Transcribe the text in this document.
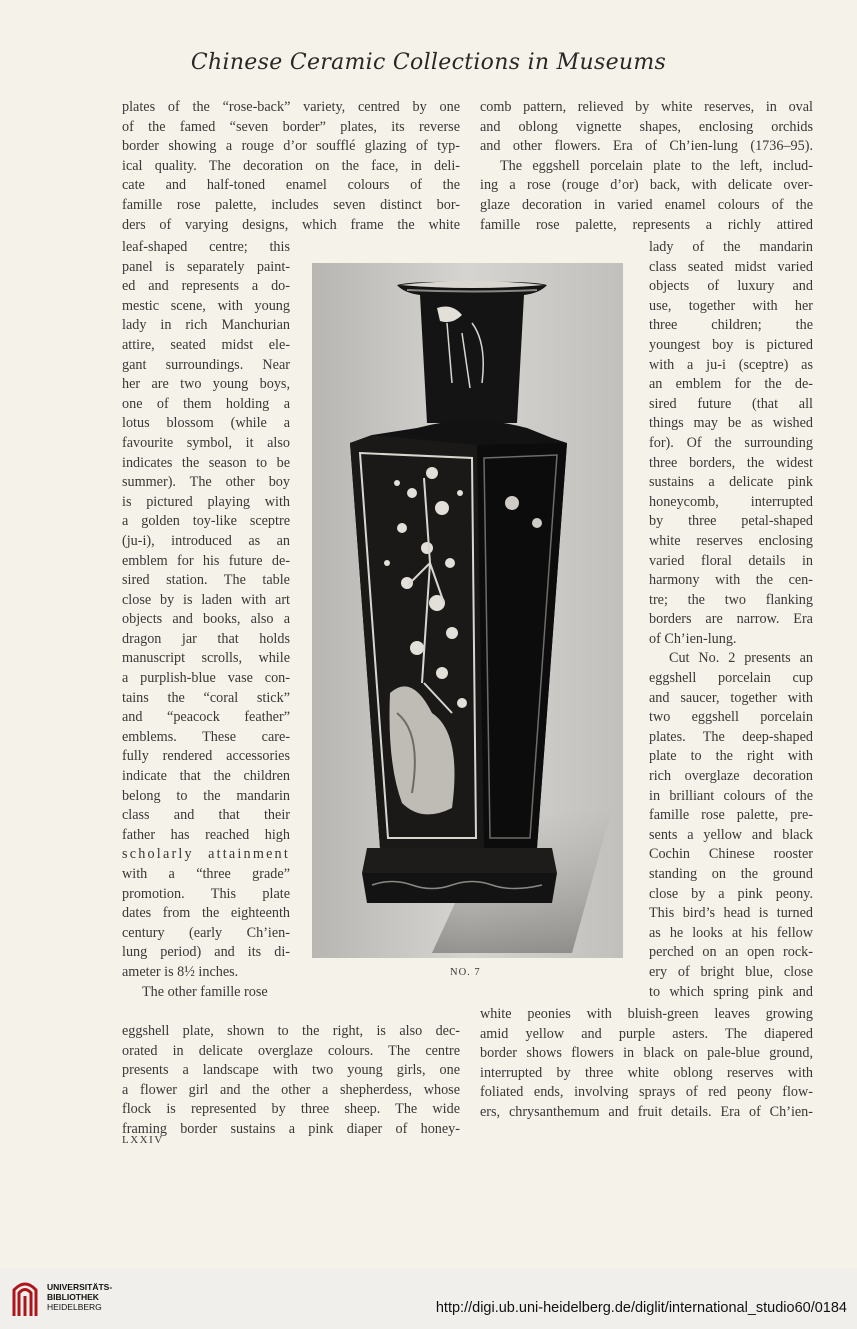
Chinese Ceramic Collections in Museums

plates of the “rose-back” variety, centred by one

of the famed “seven border” plates, its reverse

border showing a rouge d’or soufflé glazing of typ-

ical quality. The decoration on the face, in deli-

cate and half-toned enamel colours of the

famille rose palette, includes seven distinct bor-

ders of varying designs, which frame the white

leaf-shaped centre; this

panel is separately paint-

ed and represents a do-

mestic scene, with young

lady in rich Manchurian

attire, seated midst ele-

gant surroundings. Near

her are two young boys,

one of them holding a

lotus blossom (while a

favourite symbol, it also

indicates the season to be

summer). The other boy

is pictured playing with

a golden toy-like sceptre

(ju-i), introduced as an

emblem for his future de-

sired station. The table

close by is laden with art

objects and books, also a

dragon jar that holds

manuscript scrolls, while

a purplish-blue vase con-

tains the “coral stick”

and “peacock feather”

emblems. These care-

fully rendered accessories

indicate that the children

belong to the mandarin

class and that their

father has reached high

scholarly attainment

with a “three grade”

promotion. This plate

dates from the eighteenth

century (early Ch’ien-

lung period) and its di-

ameter is 8½ inches.

The other famille rose

eggshell plate, shown to the right, is also dec-

orated in delicate overglaze colours. The centre

presents a landscape with two young girls, one

a flower girl and the other a shepherdess, whose

flock is represented by three sheep. The wide

framing border sustains a pink diaper of honey-

comb pattern, relieved by white reserves, in oval

and oblong vignette shapes, enclosing orchids

and other flowers. Era of Ch’ien-lung (1736–95).

The eggshell porcelain plate to the left, includ-

ing a rose (rouge d’or) back, with delicate over-

glaze decoration in varied enamel colours of the

famille rose palette, represents a richly attired

lady of the mandarin

class seated midst varied

objects of luxury and

use, together with her

three children; the

youngest boy is pictured

with a ju-i (sceptre) as

an emblem for the de-

sired future (that all

things may be as wished

for). Of the surrounding

three borders, the widest

sustains a delicate pink

honeycomb, interrupted

by three petal-shaped

white reserves enclosing

varied floral details in

harmony with the cen-

tre; the two flanking

borders are narrow. Era

of Ch’ien-lung.

Cut No. 2 presents an

eggshell porcelain cup

and saucer, together with

two eggshell porcelain

plates. The deep-shaped

plate to the right with

rich overglaze decoration

in brilliant colours of the

famille rose palette, pre-

sents a yellow and black

Cochin Chinese rooster

standing on the ground

close by a pink peony.

This bird’s head is turned

as he looks at his fellow

perched on an open rock-

ery of bright blue, close

to which spring pink and

white peonies with bluish-green leaves growing

amid yellow and purple asters. The diapered

border shows flowers in black on pale-blue ground,

interrupted by three white oblong reserves with

foliated ends, involving sprays of red peony flow-

ers, chrysanthemum and fruit details. Era of Ch’ien-

NO. 7
LXXIV
UNIVERSITÄTS-
BIBLIOTHEK
HEIDELBERG	http://digi.ub.uni-heidelberg.de/diglit/international_studio60/0184
